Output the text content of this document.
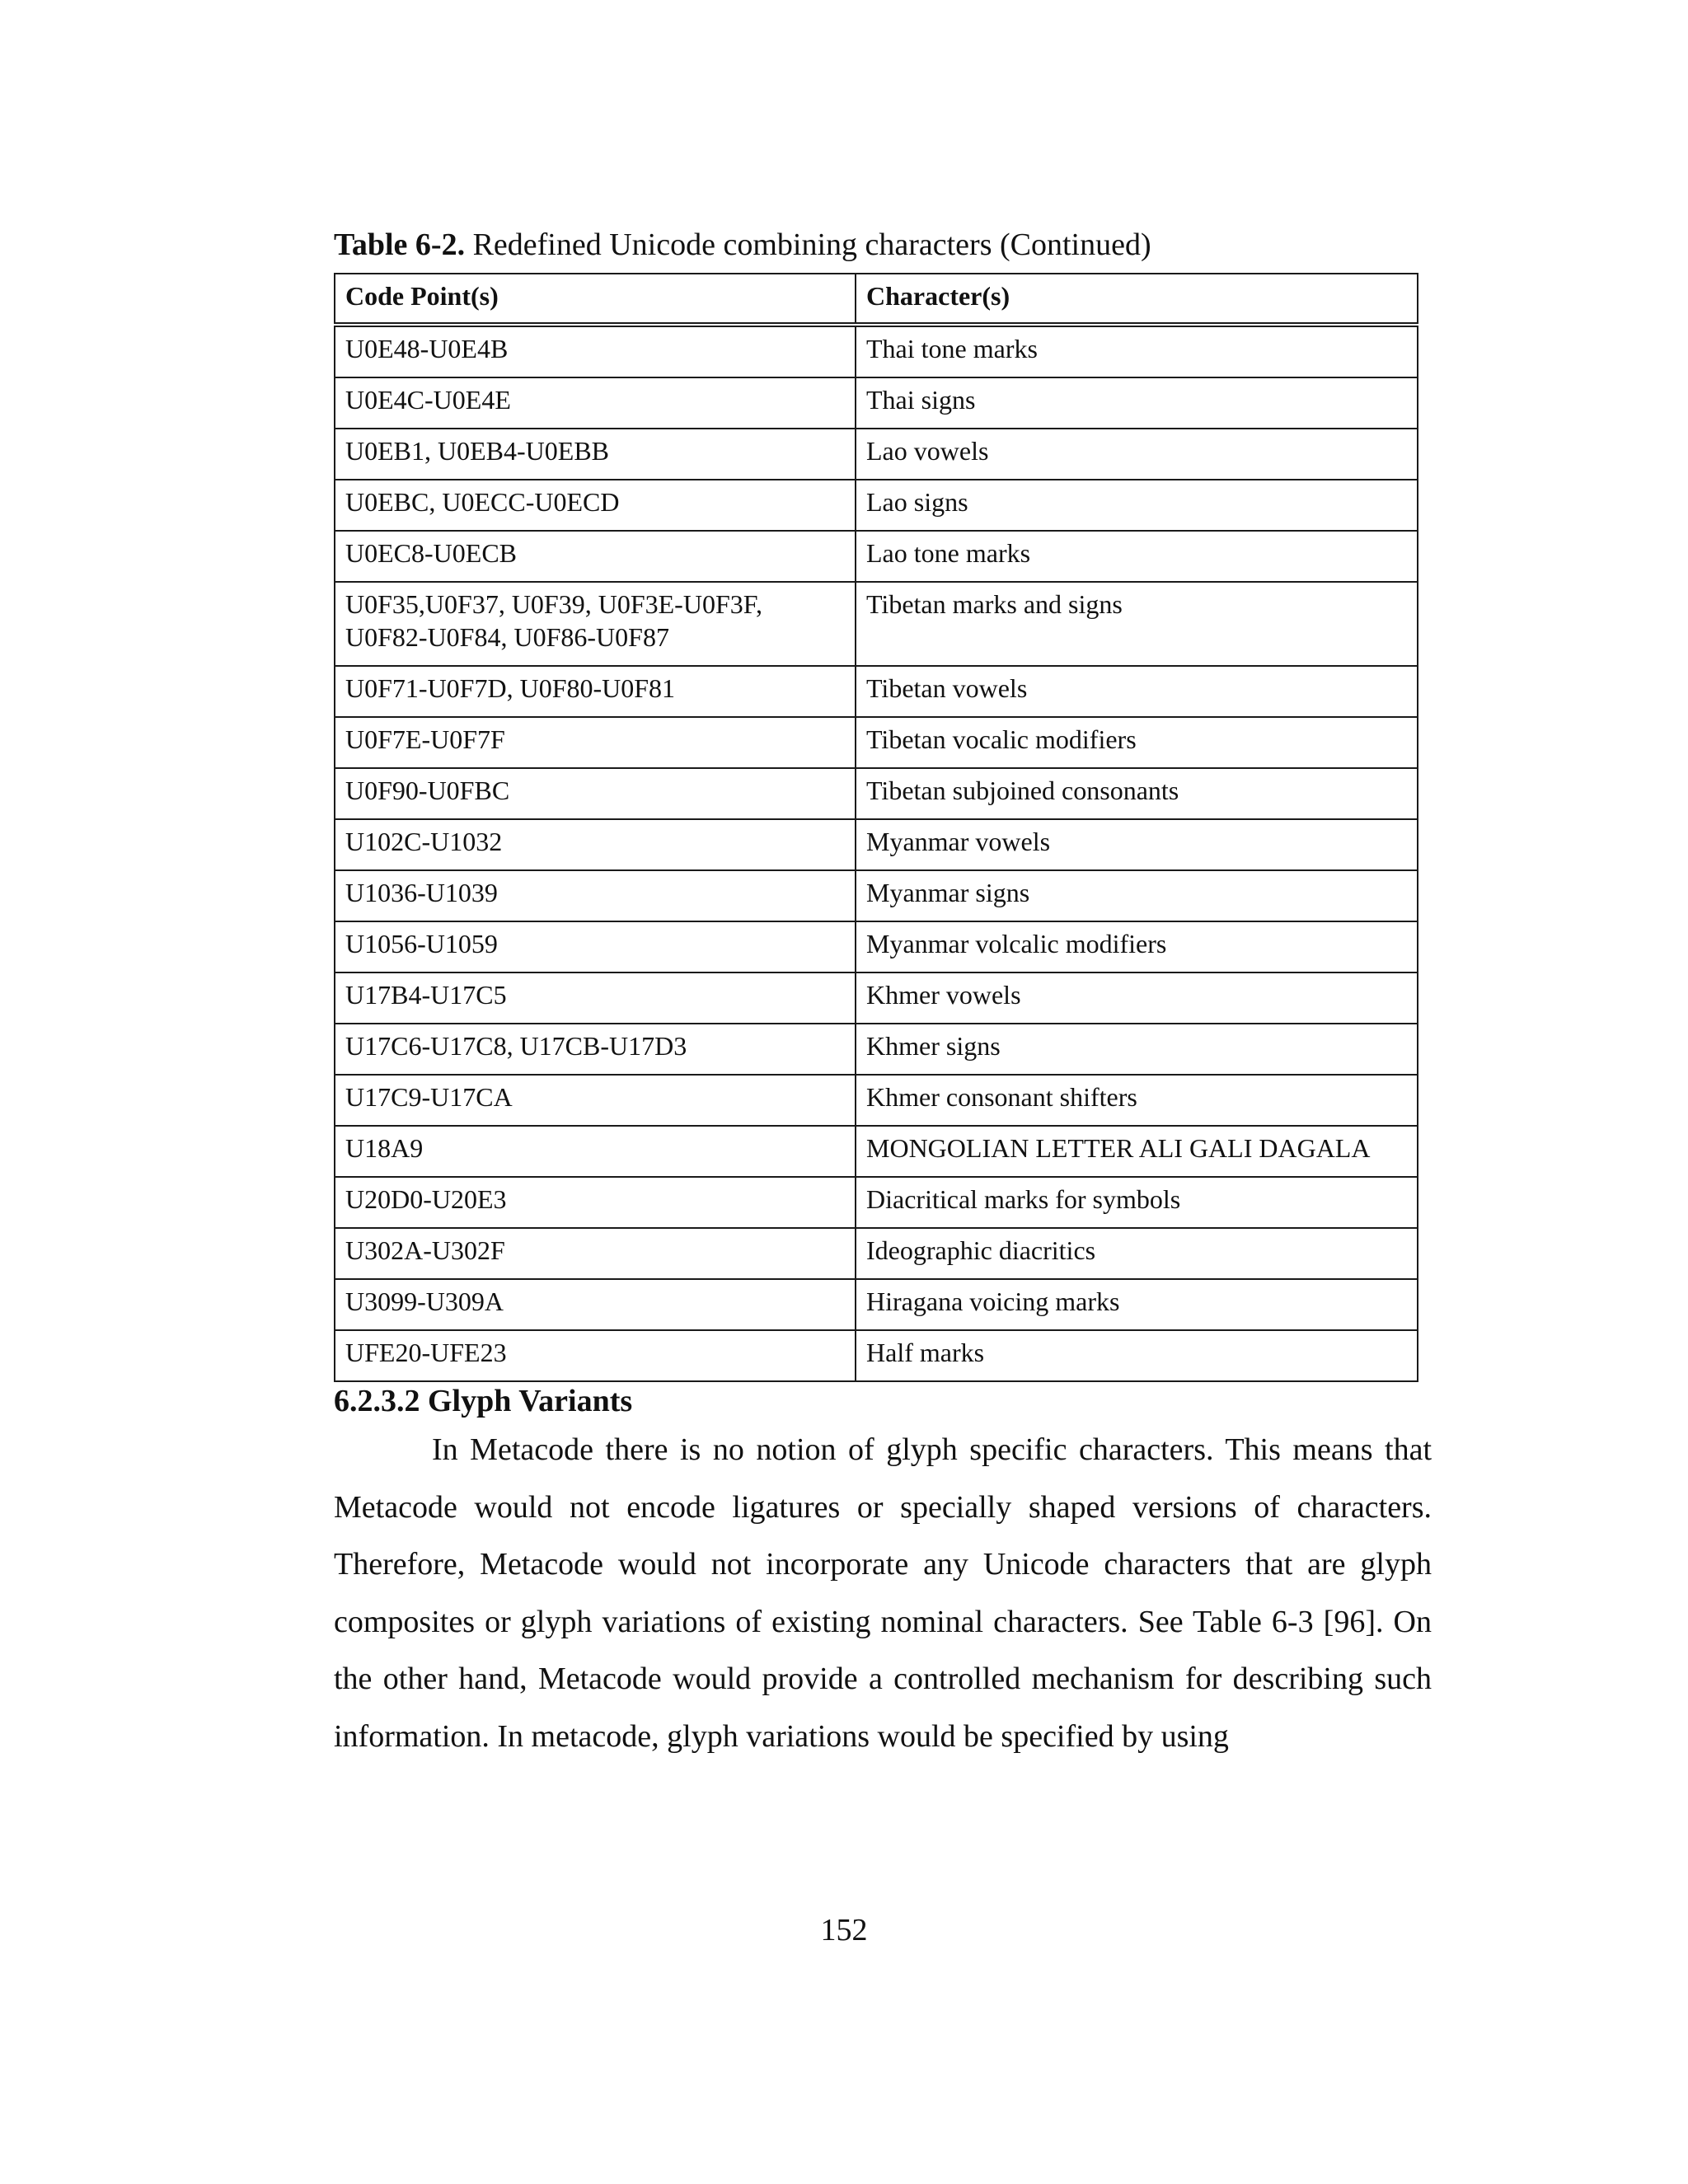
Table 6-2. Redefined Unicode combining characters (Continued)
Code Point(s)	Character(s)
U0E48-U0E4B	Thai tone marks
U0E4C-U0E4E	Thai signs
U0EB1, U0EB4-U0EBB	Lao vowels
U0EBC, U0ECC-U0ECD	Lao signs
U0EC8-U0ECB	Lao tone marks
U0F35,U0F37, U0F39, U0F3E-U0F3F, U0F82-U0F84, U0F86-U0F87	Tibetan marks and signs
U0F71-U0F7D, U0F80-U0F81	Tibetan vowels
U0F7E-U0F7F	Tibetan vocalic modifiers
U0F90-U0FBC	Tibetan subjoined consonants
U102C-U1032	Myanmar vowels
U1036-U1039	Myanmar signs
U1056-U1059	Myanmar volcalic modifiers
U17B4-U17C5	Khmer vowels
U17C6-U17C8, U17CB-U17D3	Khmer signs
U17C9-U17CA	Khmer consonant shifters
U18A9	MONGOLIAN LETTER ALI GALI DAGALA
U20D0-U20E3	Diacritical marks for symbols
U302A-U302F	Ideographic diacritics
U3099-U309A	Hiragana voicing marks
UFE20-UFE23	Half marks
6.2.3.2 Glyph Variants

In Metacode there is no notion of glyph specific characters. This means that Metacode would not encode ligatures or specially shaped versions of characters. Therefore, Metacode would not incorporate any Unicode characters that are glyph composites or glyph variations of existing nominal characters. See Table 6-3 [96]. On the other hand, Metacode would provide a controlled mechanism for describing such information. In metacode, glyph variations would be specified by using

152
